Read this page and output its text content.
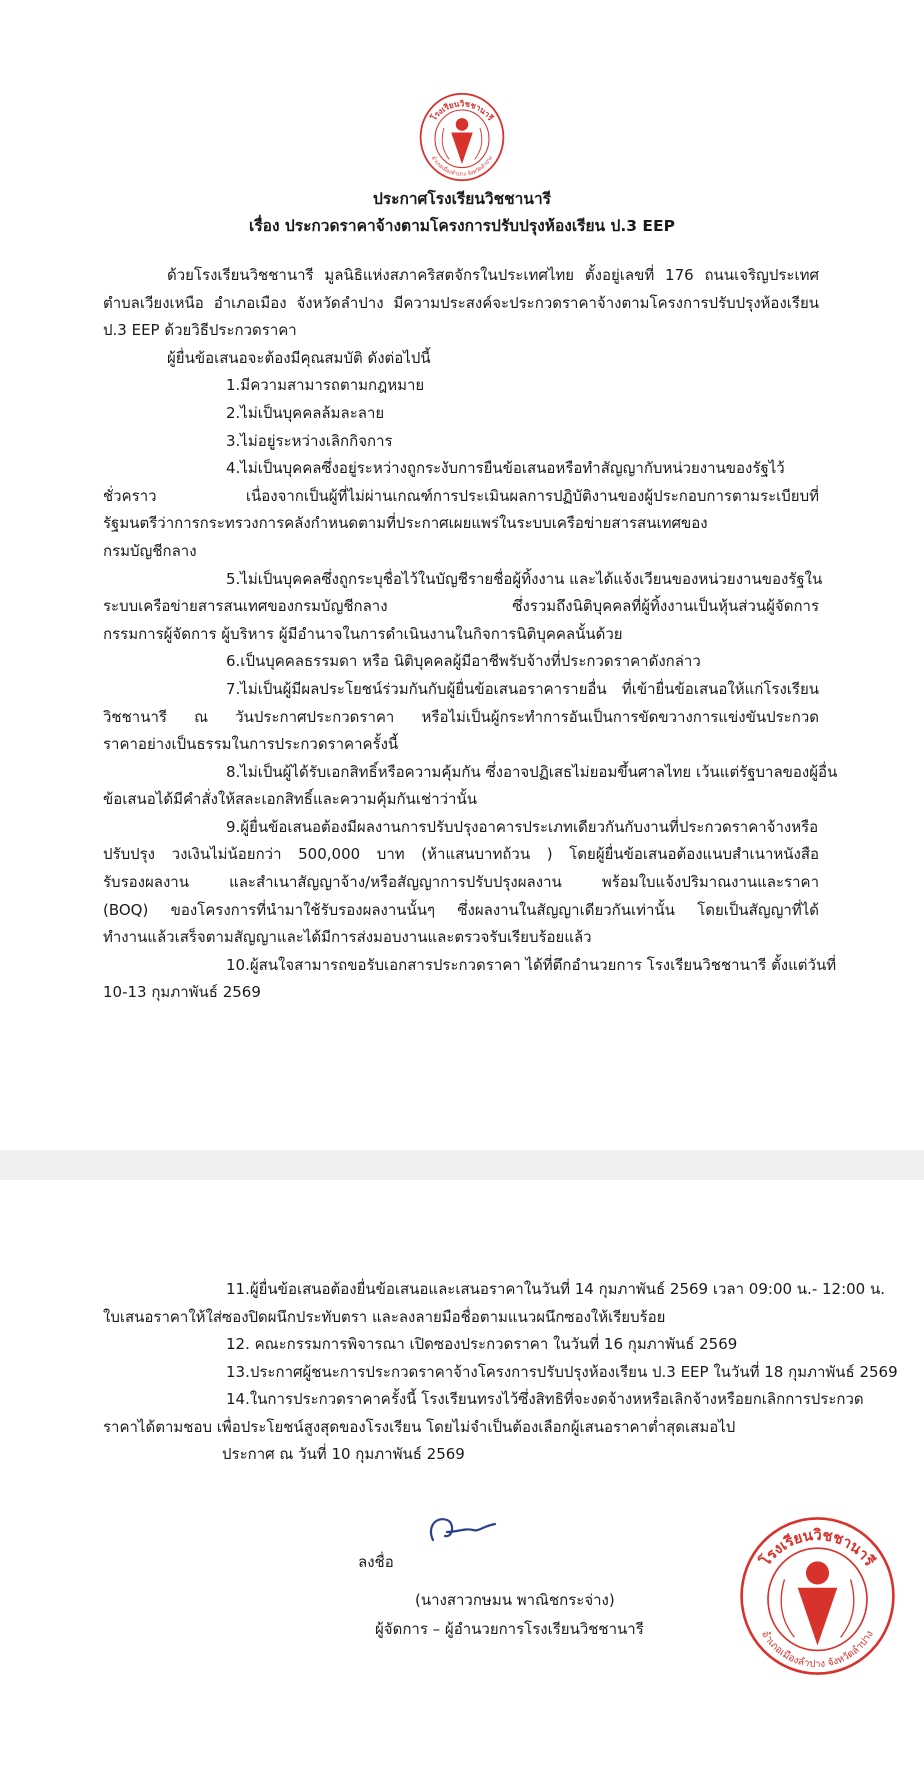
โรงเรียนวิชชานารี
อำเภอเมืองลำปาง จังหวัดลำปาง
ประกาศโรงเรียนวิชชานารี
เรื่อง ประกวดราคาจ้างตามโครงการปรับปรุงห้องเรียน ป.3 EEP
ด้วยโรงเรียนวิชชานารี มูลนิธิแห่งสภาคริสตจักรในประเทศไทย ตั้งอยู่เลขที่ 176 ถนนเจริญประเทศ
ตำบลเวียงเหนือ อำเภอเมือง จังหวัดลำปาง มีความประสงค์จะประกวดราคาจ้างตามโครงการปรับปรุงห้องเรียน
ป.3 EEP ด้วยวิธีประกวดราคา
ผู้ยื่นข้อเสนอจะต้องมีคุณสมบัติ ดังต่อไปนี้
1.มีความสามารถตามกฎหมาย
2.ไม่เป็นบุคคลล้มละลาย
3.ไม่อยู่ระหว่างเลิกกิจการ
4.ไม่เป็นบุคคลซึ่งอยู่ระหว่างถูกระงับการยืนข้อเสนอหรือทำสัญญากับหน่วยงานของรัฐไว้
ชั่วคราว เนื่องจากเป็นผู้ที่ไม่ผ่านเกณฑ์การประเมินผลการปฏิบัติงานของผู้ประกอบการตามระเบียบที่
รัฐมนตรีว่าการกระทรวงการคลังกำหนดตามที่ประกาศเผยแพร่ในระบบเครือข่ายสารสนเทศของ
กรมบัญชีกลาง
5.ไม่เป็นบุคคลซึ่งถูกระบุชื่อไว้ในบัญชีรายชื่อผู้ทิ้งงาน และได้แจ้งเวียนของหน่วยงานของรัฐใน
ระบบเครือข่ายสารสนเทศของกรมบัญชีกลาง ซึ่งรวมถึงนิติบุคคลที่ผู้ทิ้งงานเป็นหุ้นส่วนผู้จัดการ
กรรมการผู้จัดการ ผู้บริหาร ผู้มีอำนาจในการดำเนินงานในกิจการนิติบุคคลนั้นด้วย
6.เป็นบุคคลธรรมดา หรือ นิติบุคคลผู้มีอาชีพรับจ้างที่ประกวดราคาดังกล่าว
7.ไม่เป็นผู้มีผลประโยชน์ร่วมกันกับผู้ยื่นข้อเสนอราคารายอื่น ที่เข้ายื่นข้อเสนอให้แก่โรงเรียน
วิชชานารี ณ วันประกาศประกวดราคา หรือไม่เป็นผู้กระทำการอันเป็นการขัดขวางการแข่งขันประกวด
ราคาอย่างเป็นธรรมในการประกวดราคาครั้งนี้
8.ไม่เป็นผู้ได้รับเอกสิทธิ์หรือความคุ้มกัน ซึ่งอาจปฏิเสธไม่ยอมขึ้นศาลไทย เว้นแต่รัฐบาลของผู้อื่น
ข้อเสนอได้มีคำสั่งให้สละเอกสิทธิ์และความคุ้มกันเช่าว่านั้น
9.ผู้ยื่นข้อเสนอต้องมีผลงานการปรับปรุงอาคารประเภทเดียวกันกับงานที่ประกวดราคาจ้างหรือ
ปรับปรุง วงเงินไม่น้อยกว่า 500,000 บาท (ห้าแสนบาทถ้วน ) โดยผู้ยื่นข้อเสนอต้องแนบสำเนาหนังสือ
รับรองผลงาน และสำเนาสัญญาจ้าง/หรือสัญญาการปรับปรุงผลงาน พร้อมใบแจ้งปริมาณงานและราคา
(BOQ) ของโครงการที่นำมาใช้รับรองผลงานนั้นๆ ซึ่งผลงานในสัญญาเดียวกันเท่านั้น โดยเป็นสัญญาที่ได้
ทำงานแล้วเสร็จตามสัญญาและได้มีการส่งมอบงานและตรวจรับเรียบร้อยแล้ว
10.ผู้สนใจสามารถขอรับเอกสารประกวดราคา ได้ที่ตึกอำนวยการ โรงเรียนวิชชานารี ตั้งแต่วันที่
10-13 กุมภาพันธ์ 2569
โรงเรียนวิชชานารี
อำเภอเมืองลำปาง จังหวัดลำปาง
11.ผู้ยื่นข้อเสนอต้องยื่นข้อเสนอและเสนอราคาในวันที่ 14 กุมภาพันธ์ 2569 เวลา 09:00 น.- 12:00 น.
ใบเสนอราคาให้ใส่ซองปิดผนึกประทับตรา และลงลายมือชื่อตามแนวผนึกซองให้เรียบร้อย
12. คณะกรรมการพิจารณา เปิดซองประกวดราคา ในวันที่ 16 กุมภาพันธ์ 2569
13.ประกาศผู้ชนะการประกวดราคาจ้างโครงการปรับปรุงห้องเรียน ป.3 EEP ในวันที่ 18 กุมภาพันธ์ 2569
14.ในการประกวดราคาครั้งนี้ โรงเรียนทรงไว้ซึ่งสิทธิที่จะงดจ้างหหรือเลิกจ้างหรือยกเลิกการประกวด
ราคาได้ตามชอบ เพื่อประโยชน์สูงสุดของโรงเรียน โดยไม่จำเป็นต้องเลือกผู้เสนอราคาต่ำสุดเสมอไป
ประกาศ ณ วันที่ 10 กุมภาพันธ์ 2569
ลงชื่อ
(นางสาวกษมน พาณิชกระจ่าง)
ผู้จัดการ – ผู้อำนวยการโรงเรียนวิชชานารี
